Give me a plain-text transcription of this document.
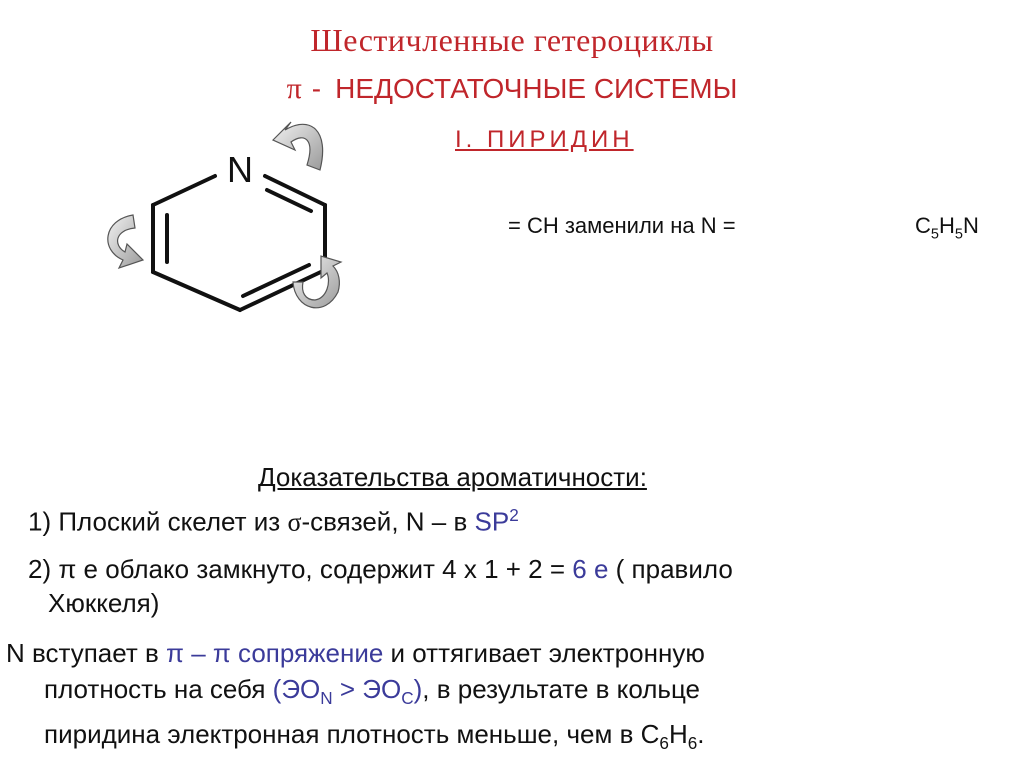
Шестичленные гетероциклы
π - НЕДОСТАТОЧНЫЕ СИСТЕМЫ
I. ПИРИДИН
N
= СН заменили на N =	$C_5H_5N$
Доказательства ароматичности:
1) Плоский скелет из σ-связей, N – в $SP^2$
2) π е облако замкнуто, содержит 4 х 1 + 2 = 6 е ( правило
Хюккеля)
N вступает в π – π сопряжение и оттягивает электронную
плотность на себя $(ЭО_N > ЭО_C)$, в результате в кольце
пиридина электронная плотность меньше, чем в $С_6Н_6$.
